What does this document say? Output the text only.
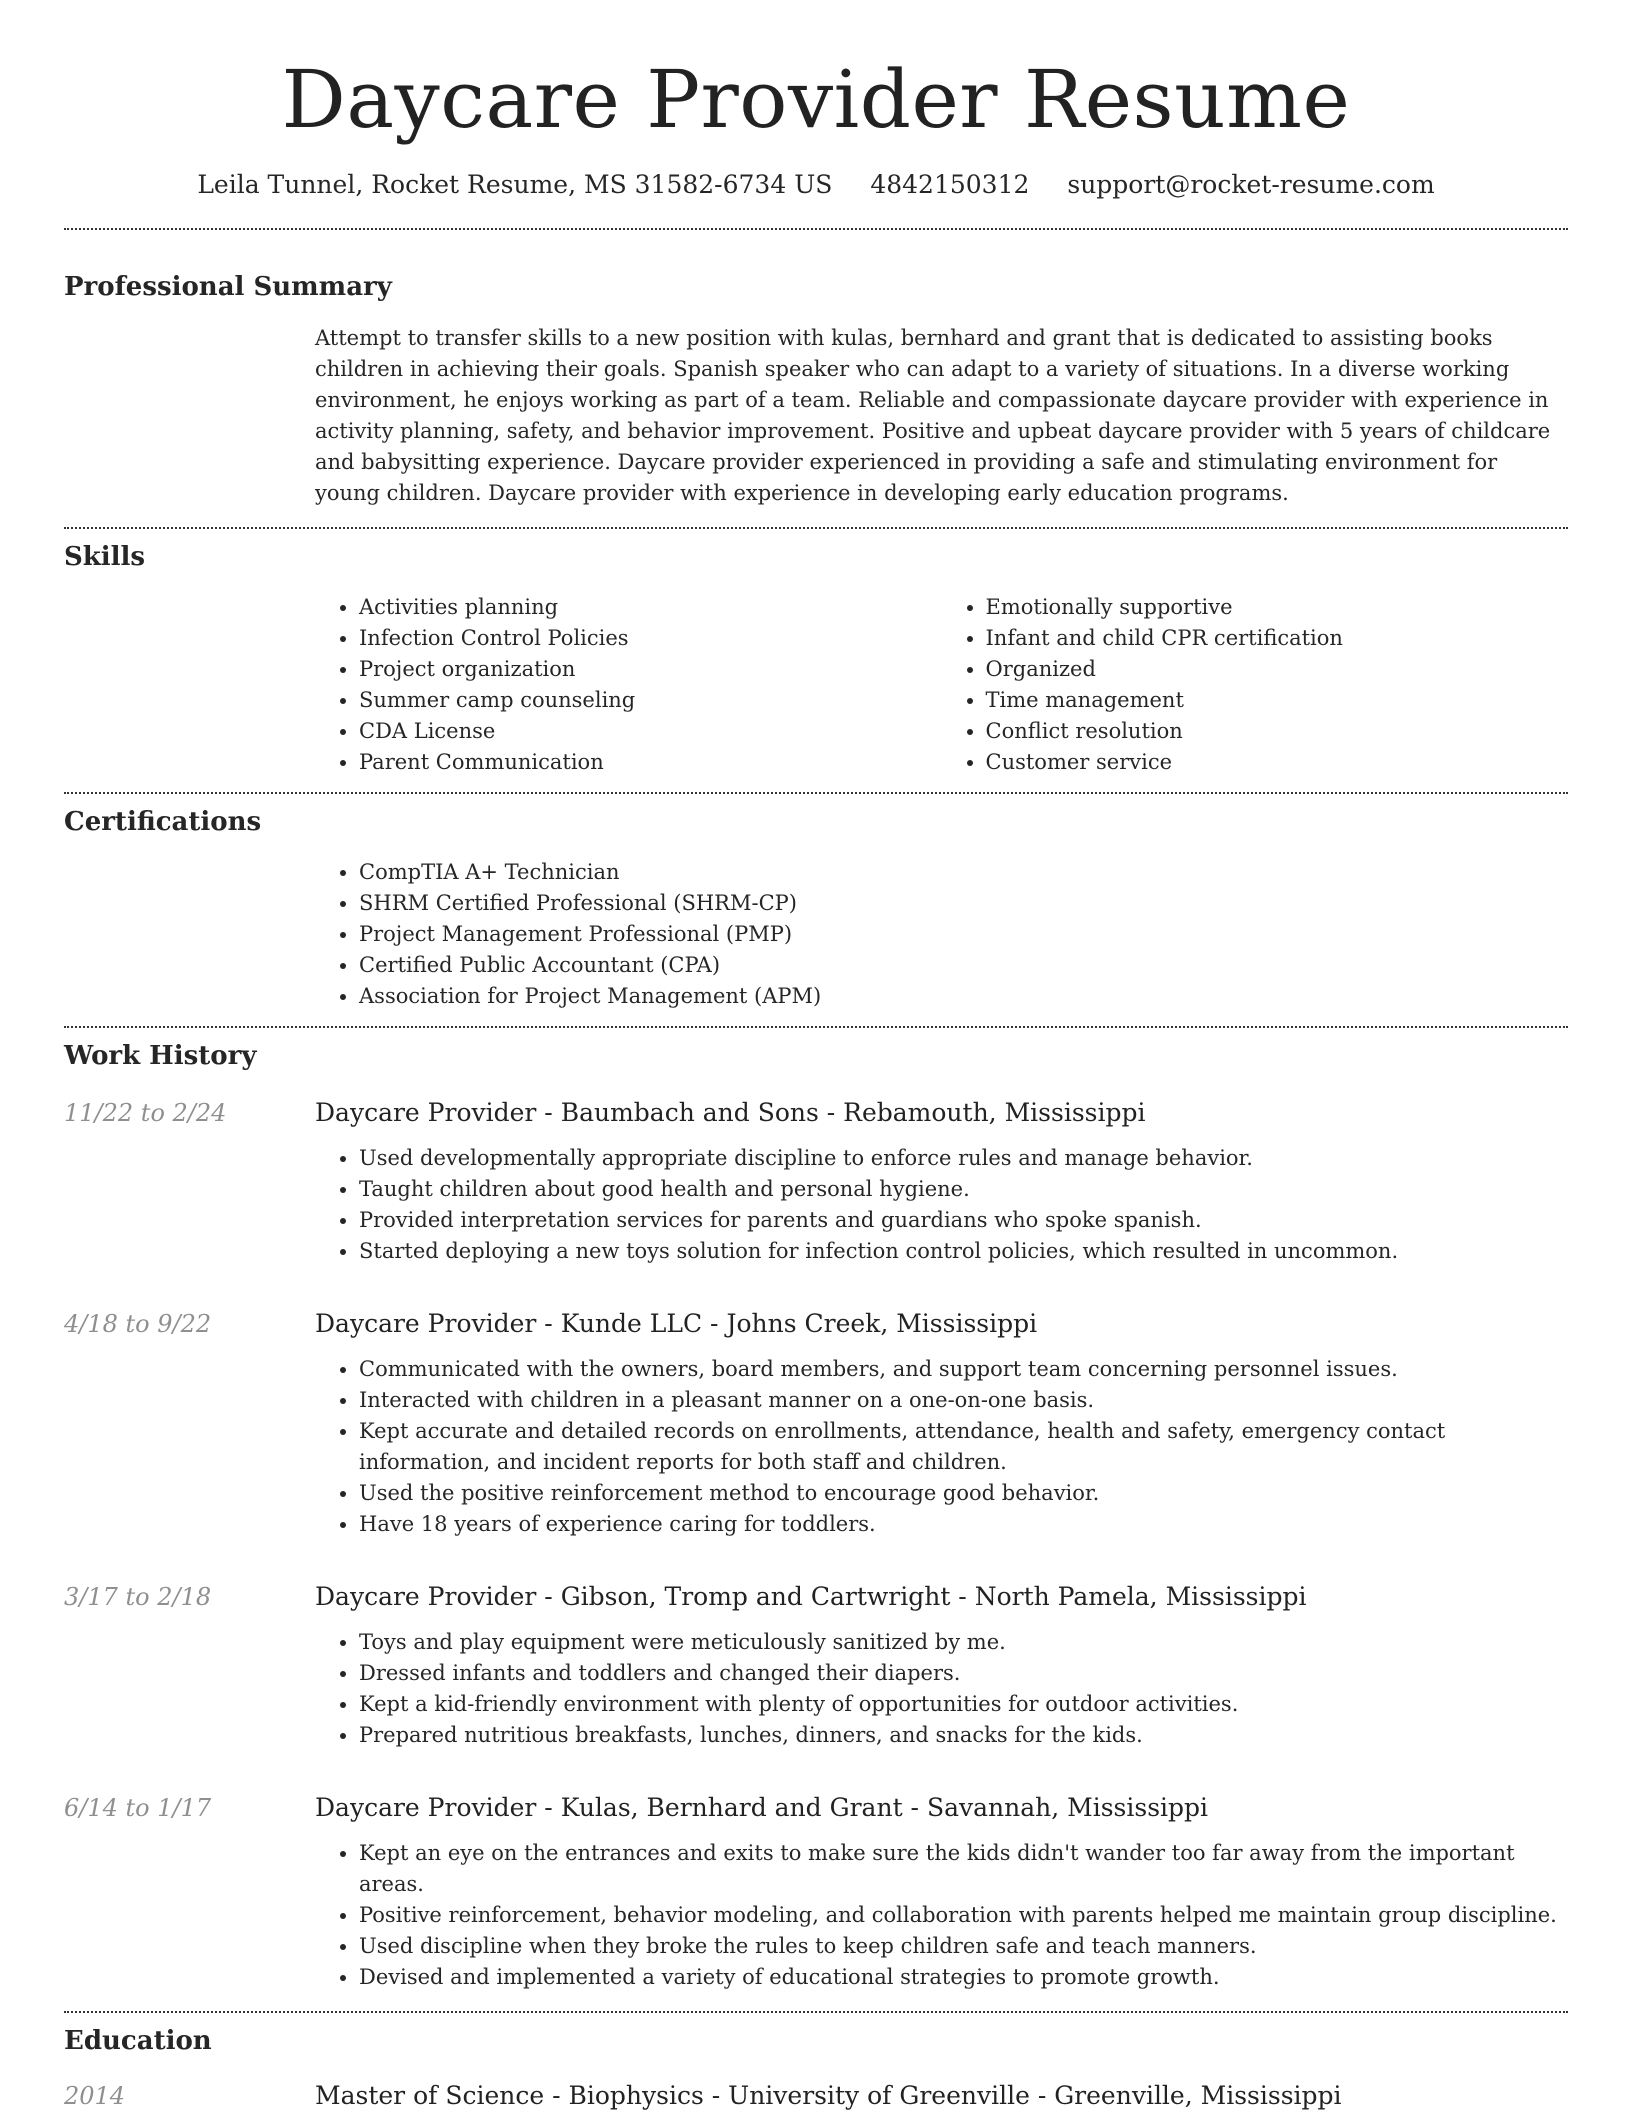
Daycare Provider Resume
Leila Tunnel, Rocket Resume, MS 31582-6734 US 4842150312 support@rocket-resume.com
Professional Summary
Attempt to transfer skills to a new position with kulas, bernhard and grant that is dedicated to assisting books children in achieving their goals. Spanish speaker who can adapt to a variety of situations. In a diverse working environment, he enjoys working as part of a team. Reliable and compassionate daycare provider with experience in activity planning, safety, and behavior improvement. Positive and upbeat daycare provider with 5 years of childcare and babysitting experience. Daycare provider experienced in providing a safe and stimulating environment for young children. Daycare provider with experience in developing early education programs.
Skills
• Activities planning
• Infection Control Policies
• Project organization
• Summer camp counseling
• CDA License
• Parent Communication
• Emotionally supportive
• Infant and child CPR certification
• Organized
• Time management
• Conflict resolution
• Customer service
Certifications
• CompTIA A+ Technician
• SHRM Certified Professional (SHRM-CP)
• Project Management Professional (PMP)
• Certified Public Accountant (CPA)
• Association for Project Management (APM)
Work History
11/22 to 2/24	Daycare Provider - Baumbach and Sons - Rebamouth, Mississippi
• Used developmentally appropriate discipline to enforce rules and manage behavior.
• Taught children about good health and personal hygiene.
• Provided interpretation services for parents and guardians who spoke spanish.
• Started deploying a new toys solution for infection control policies, which resulted in uncommon.
4/18 to 9/22	Daycare Provider - Kunde LLC - Johns Creek, Mississippi
• Communicated with the owners, board members, and support team concerning personnel issues.
• Interacted with children in a pleasant manner on a one-on-one basis.
• Kept accurate and detailed records on enrollments, attendance, health and safety, emergency contact information, and incident reports for both staff and children.
• Used the positive reinforcement method to encourage good behavior.
• Have 18 years of experience caring for toddlers.
3/17 to 2/18	Daycare Provider - Gibson, Tromp and Cartwright - North Pamela, Mississippi
• Toys and play equipment were meticulously sanitized by me.
• Dressed infants and toddlers and changed their diapers.
• Kept a kid-friendly environment with plenty of opportunities for outdoor activities.
• Prepared nutritious breakfasts, lunches, dinners, and snacks for the kids.
6/14 to 1/17	Daycare Provider - Kulas, Bernhard and Grant - Savannah, Mississippi
• Kept an eye on the entrances and exits to make sure the kids didn't wander too far away from the important areas.
• Positive reinforcement, behavior modeling, and collaboration with parents helped me maintain group discipline.
• Used discipline when they broke the rules to keep children safe and teach manners.
• Devised and implemented a variety of educational strategies to promote growth.
Education
2014	Master of Science - Biophysics - University of Greenville - Greenville, Mississippi
